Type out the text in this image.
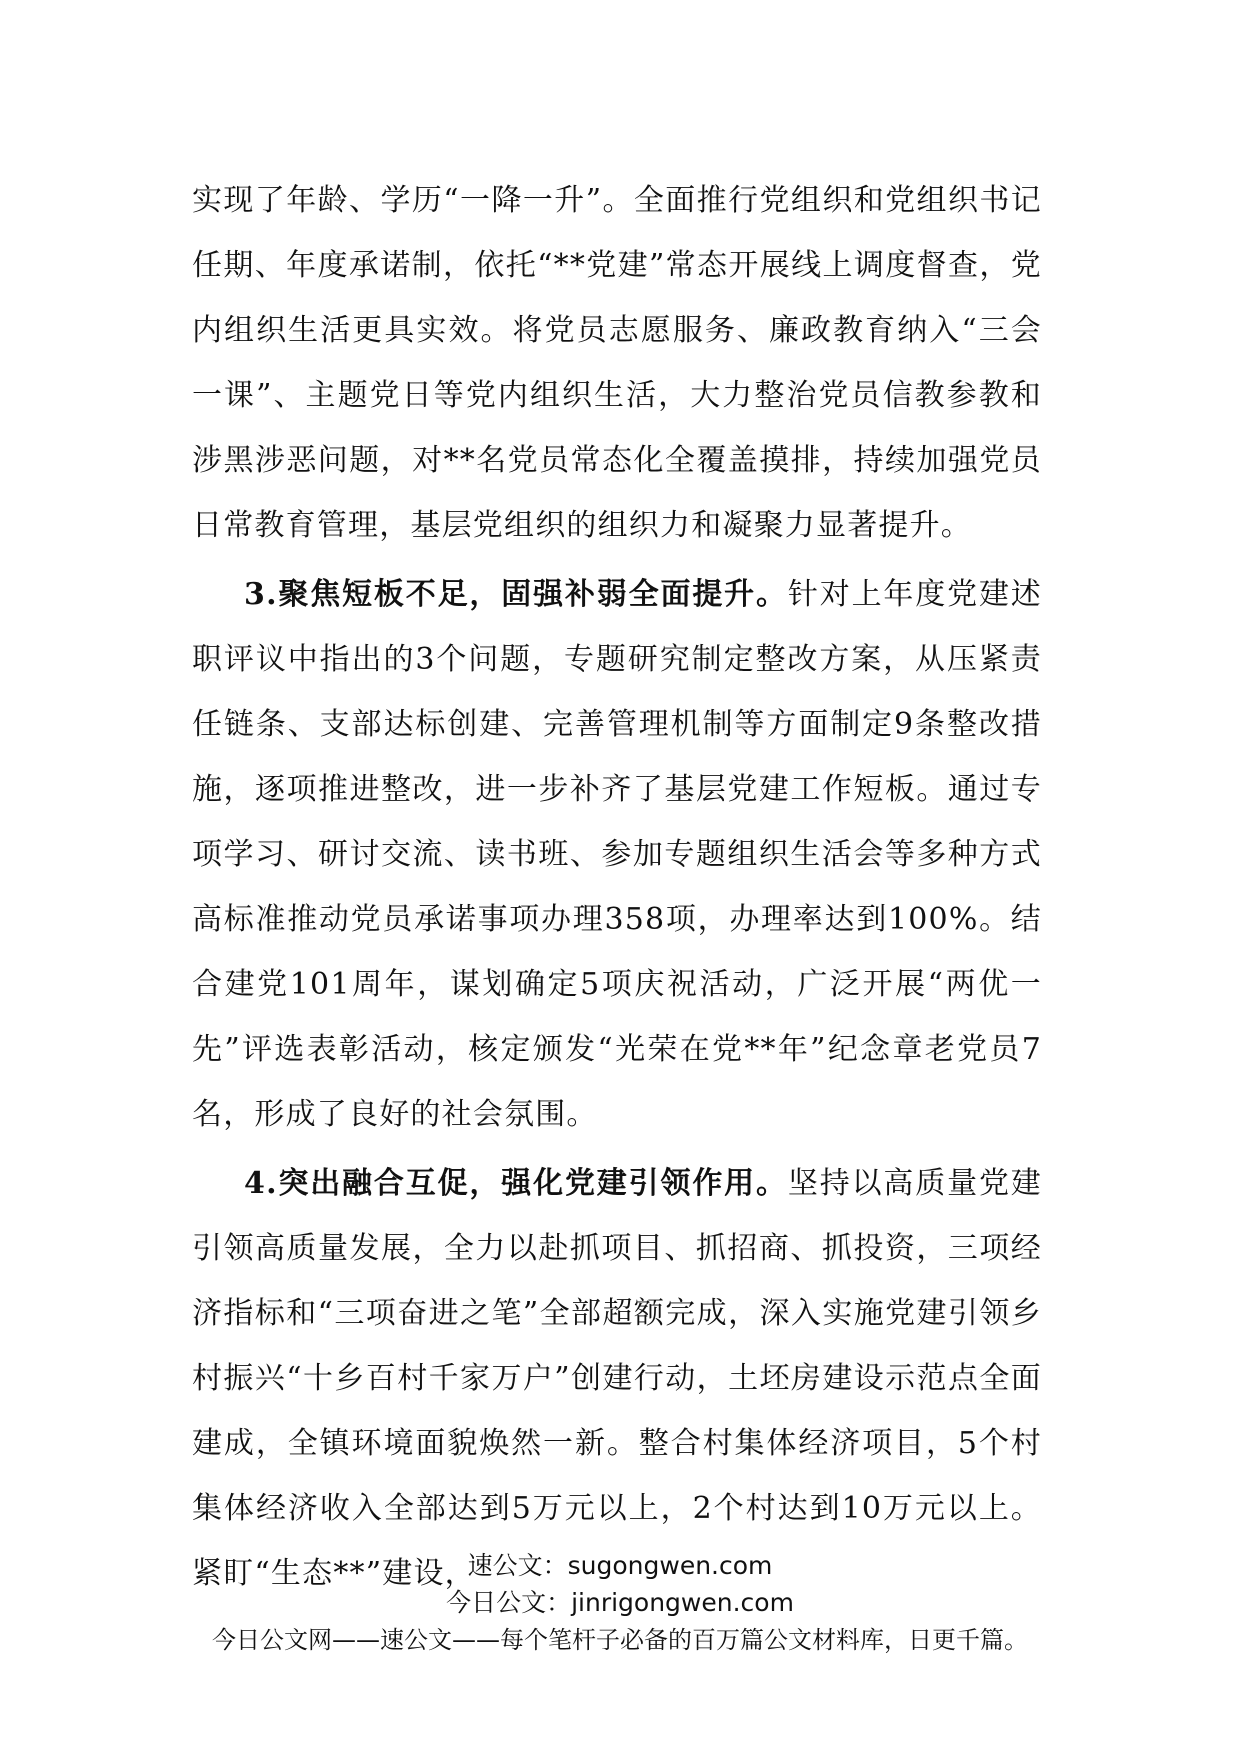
实现了年龄、学历“一降一升”。全面推行党组织和党组织书记任期、年度承诺制，依托“**党建”常态开展线上调度督查，党内组织生活更具实效。将党员志愿服务、廉政教育纳入“三会一课”、主题党日等党内组织生活，大力整治党员信教参教和涉黑涉恶问题，对**名党员常态化全覆盖摸排，持续加强党员日常教育管理，基层党组织的组织力和凝聚力显著提升。

3.聚焦短板不足，固强补弱全面提升。针对上年度党建述职评议中指出的3个问题，专题研究制定整改方案，从压紧责任链条、支部达标创建、完善管理机制等方面制定9条整改措施，逐项推进整改，进一步补齐了基层党建工作短板。通过专项学习、研讨交流、读书班、参加专题组织生活会等多种方式高标准推动党员承诺事项办理358项，办理率达到100%。结合建党101周年，谋划确定5项庆祝活动，广泛开展“两优一先”评选表彰活动，核定颁发“光荣在党**年”纪念章老党员7名，形成了良好的社会氛围。

4.突出融合互促，强化党建引领作用。坚持以高质量党建引领高质量发展，全力以赴抓项目、抓招商、抓投资，三项经济指标和“三项奋进之笔”全部超额完成，深入实施党建引领乡村振兴“十乡百村千家万户”创建行动，土坯房建设示范点全面建成，全镇环境面貌焕然一新。整合村集体经济项目，5个村集体经济收入全部达到5万元以上，2个村达到10万元以上。紧盯“生态**”建设，

速公文：sugongwen.com
今日公文：jinrigongwen.com
今日公文网——速公文——每个笔杆子必备的百万篇公文材料库，日更千篇。
